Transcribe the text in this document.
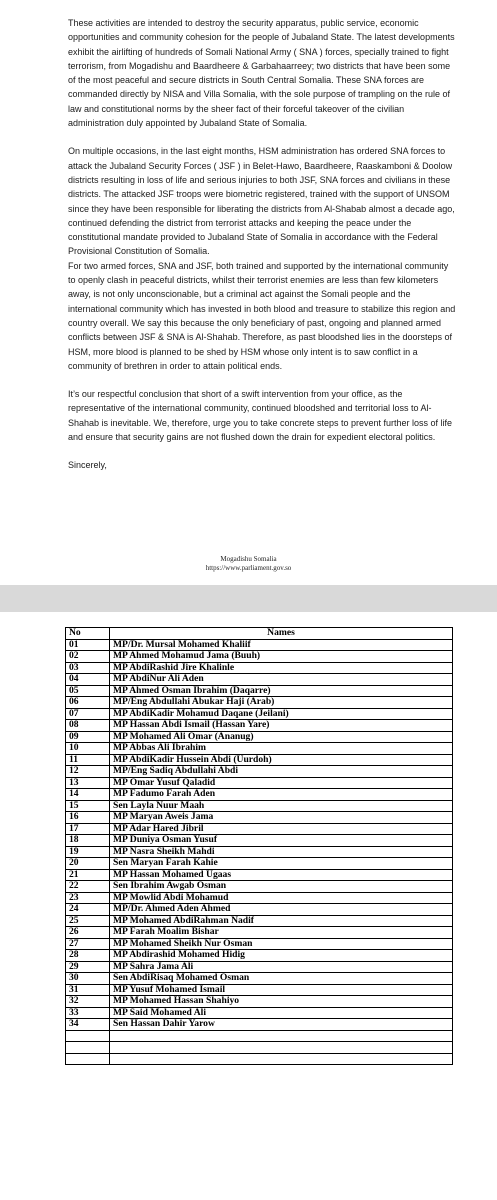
These activities are intended to destroy the security apparatus, public service, economic opportunities and community cohesion for the people of Jubaland State. The latest developments exhibit the airlifting of hundreds of Somali National Army ( SNA ) forces, specially trained to fight terrorism, from Mogadishu and Baardheere & Garbahaarreey; two districts that have been some of the most peaceful and secure districts in South Central Somalia. These SNA forces are commanded directly by NISA and Villa Somalia, with the sole purpose of trampling on the rule of law and constitutional norms by the sheer fact of their forceful takeover of the civilian administration duly appointed by Jubaland State of Somalia.

On multiple occasions, in the last eight months, HSM administration has ordered SNA forces to attack the Jubaland Security Forces ( JSF ) in Belet-Hawo, Baardheere, Raaskamboni & Doolow districts resulting in loss of life and serious injuries to both JSF, SNA forces and civilians in these districts. The attacked JSF troops were biometric registered, trained with the support of UNSOM since they have been responsible for liberating the districts from Al-Shabab almost a decade ago, continued defending the district from terrorist attacks and keeping the peace under the constitutional mandate provided to Jubaland State of Somalia in accordance with the Federal Provisional Constitution of Somalia.

For two armed forces, SNA and JSF, both trained and supported by the international community to openly clash in peaceful districts, whilst their terrorist enemies are less than few kilometers away, is not only unconscionable, but a criminal act against the Somali people and the international community which has invested in both blood and treasure to stabilize this region and country overall. We say this because the only beneficiary of past, ongoing and planned armed conflicts between JSF & SNA is Al-Shahab. Therefore, as past bloodshed lies in the doorsteps of HSM, more blood is planned to be shed by HSM whose only intent is to saw conflict in a community of brethren in order to attain political ends.

It’s our respectful conclusion that short of a swift intervention from your office, as the representative of the international community, continued bloodshed and territorial loss to Al-Shahab is inevitable. We, therefore, urge you to take concrete steps to prevent further loss of life and ensure that security gains are not flushed down the drain for expedient electoral politics.

Sincerely,
Mogadishu Somalia
https://www.parliament.gov.so
No	Names
01	MP/Dr. Mursal Mohamed Khaliif
02	MP Ahmed Mohamud Jama (Buuh)
03	MP AbdiRashid Jire Khalinle
04	MP AbdiNur Ali Aden
05	MP Ahmed Osman Ibrahim (Daqarre)
06	MP/Eng Abdullahi Abukar Haji (Arab)
07	MP AbdiKadir Mohamud Daqane (Jeilani)
08	MP Hassan Abdi Ismail (Hassan Yare)
09	MP Mohamed Ali Omar (Ananug)
10	MP Abbas Ali Ibrahim
11	MP AbdiKadir Hussein Abdi (Uurdoh)
12	MP/Eng Sadiq Abdullahi Abdi
13	MP Omar Yusuf Qaladid
14	MP Fadumo Farah Aden
15	Sen Layla Nuur Maah
16	MP Maryan Aweis Jama
17	MP Adar Hared Jibril
18	MP Duniya Osman Yusuf
19	MP Nasra Sheikh Mahdi
20	Sen Maryan Farah Kahie
21	MP Hassan Mohamed Ugaas
22	Sen Ibrahim Awgab Osman
23	MP Mowlid Abdi Mohamud
24	MP/Dr. Ahmed Aden Ahmed
25	MP Mohamed AbdiRahman Nadif
26	MP Farah Moalim Bishar
27	MP Mohamed Sheikh Nur Osman
28	MP Abdirashid Mohamed Hidig
29	MP Sahra Jama Ali
30	Sen AbdiRisaq Mohamed Osman
31	MP Yusuf Mohamed Ismail
32	MP Mohamed Hassan Shahiyo
33	MP Said Mohamed Ali
34	Sen Hassan Dahir Yarow
